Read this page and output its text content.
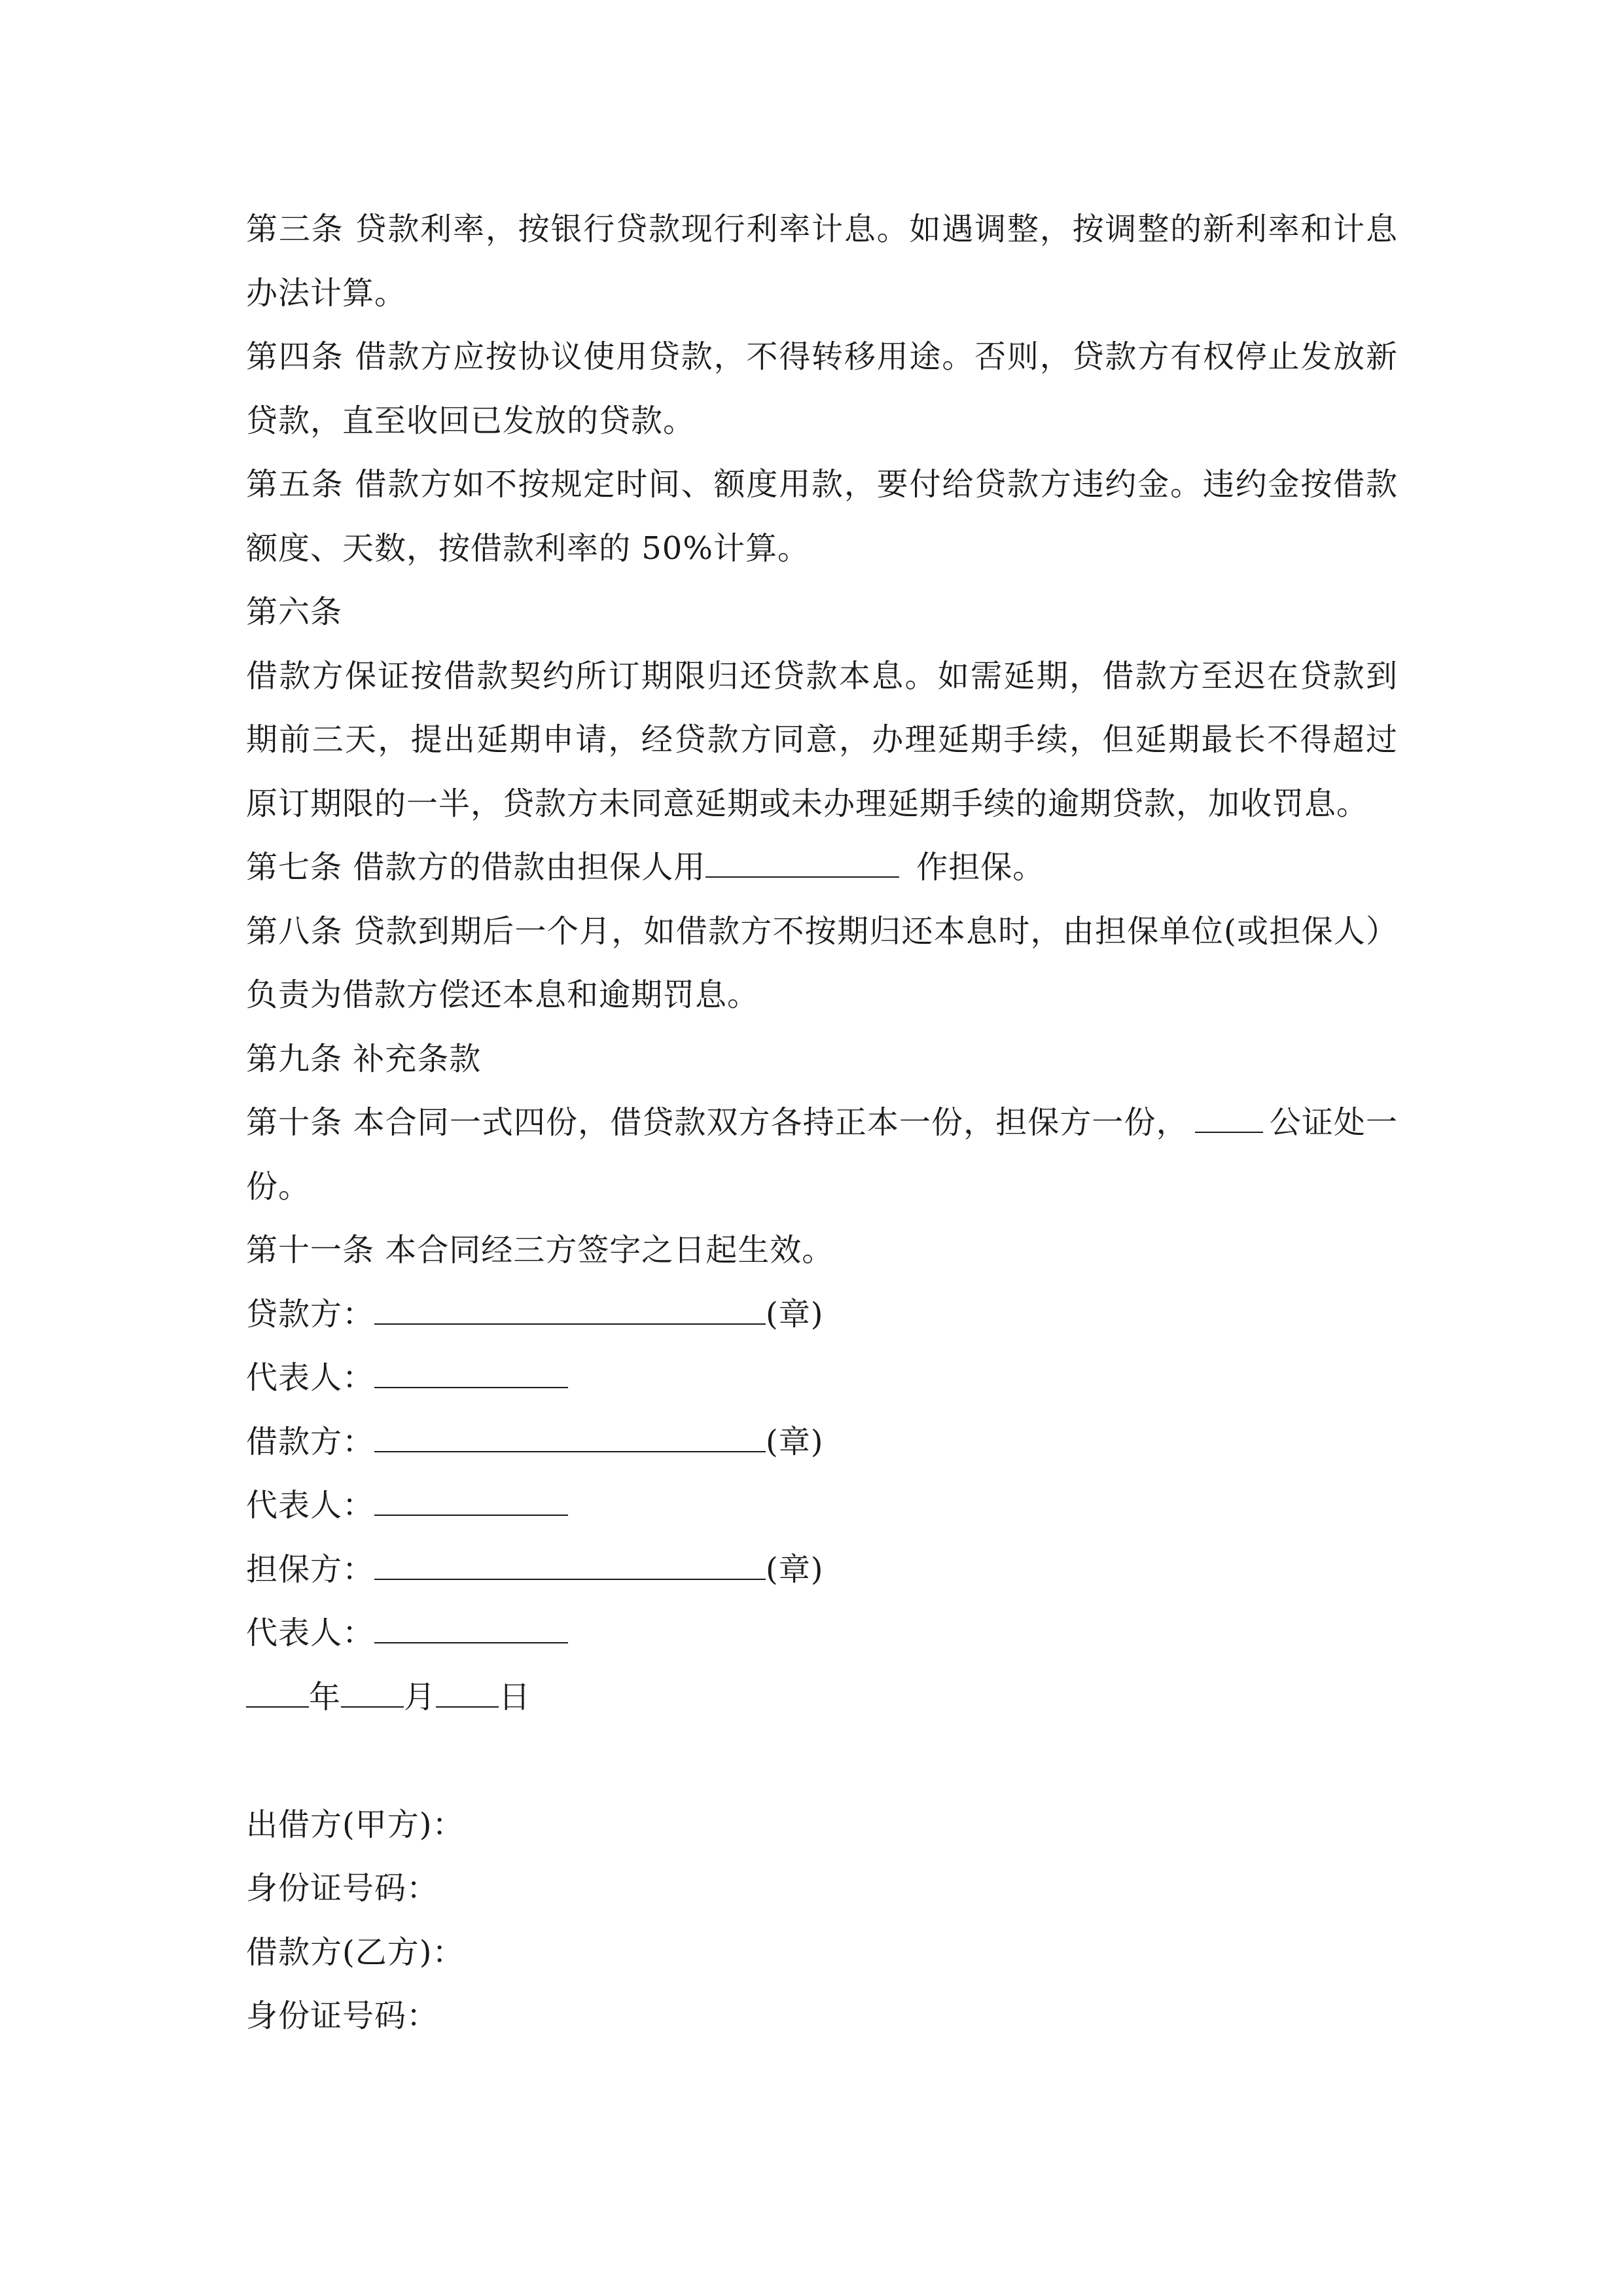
第三条 贷款利率，按银行贷款现行利率计息。如遇调整，按调整的新利率和计息办法计算。

第四条 借款方应按协议使用贷款，不得转移用途。否则，贷款方有权停止发放新贷款，直至收回已发放的贷款。

第五条 借款方如不按规定时间、额度用款，要付给贷款方违约金。违约金按借款额度、天数，按借款利率的 50%计算。

第六条

借款方保证按借款契约所订期限归还贷款本息。如需延期，借款方至迟在贷款到期前三天，提出延期申请，经贷款方同意，办理延期手续，但延期最长不得超过原订期限的一半，贷款方未同意延期或未办理延期手续的逾期贷款，加收罚息。

第七条 借款方的借款由担保人用	作担保。

第八条 贷款到期后一个月，如借款方不按期归还本息时，由担保单位(或担保人）负责为借款方偿还本息和逾期罚息。

第九条 补充条款

第十条 本合同一式四份，借贷款双方各持正本一份，担保方一份，	公证处一份。

第十一条 本合同经三方签字之日起生效。

贷款方：	(章)

代表人：

借款方：	(章)

代表人：

担保方：	(章)

代表人：

年 月 日

出借方(甲方)：

身份证号码：

借款方(乙方)：

身份证号码：
